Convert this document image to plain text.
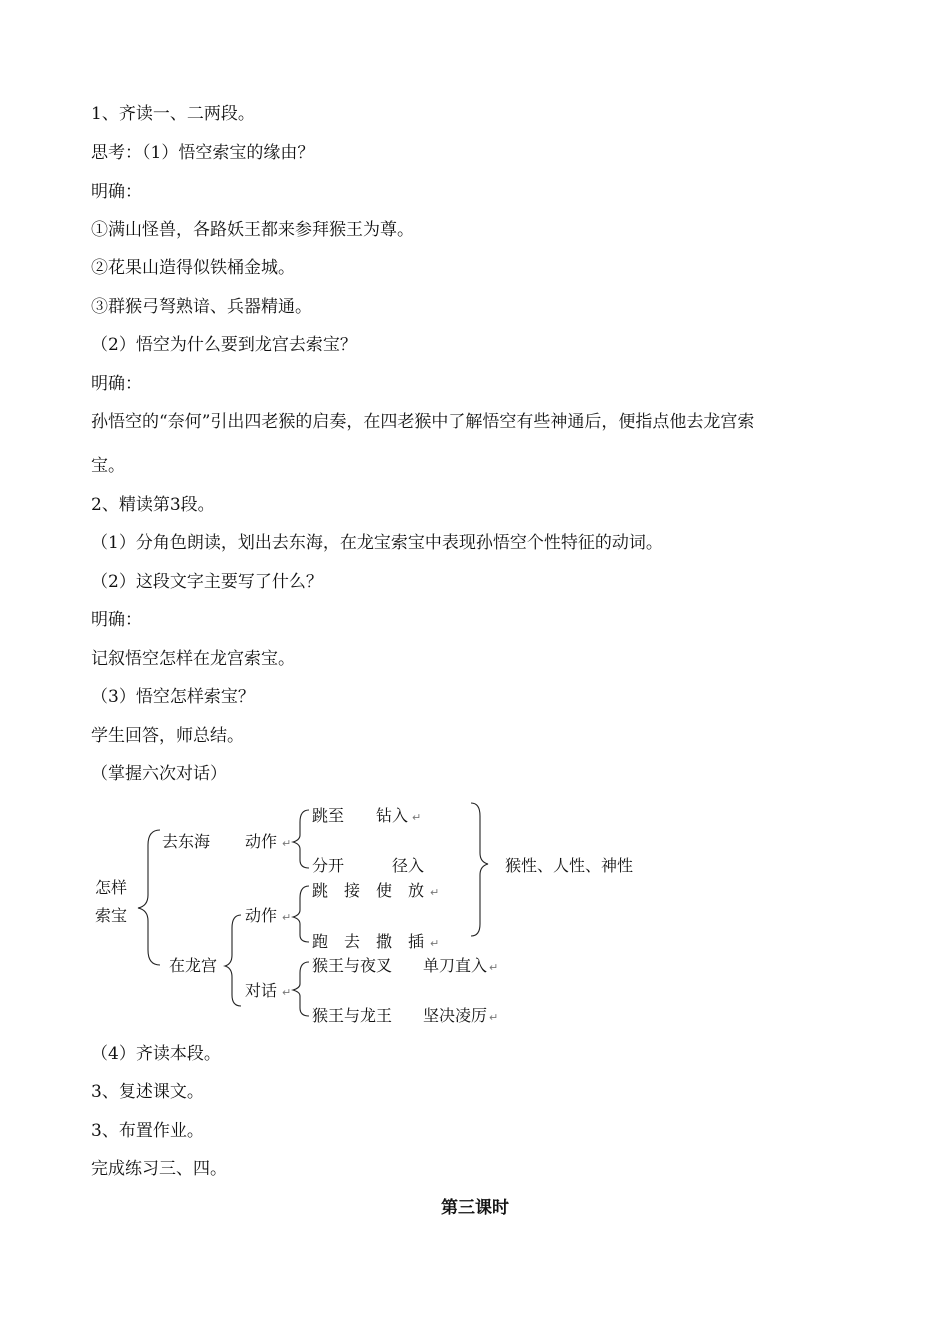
1、齐读一、二两段。
思考：（1）悟空索宝的缘由？
明确：
①满山怪兽，各路妖王都来参拜猴王为尊。
②花果山造得似铁桶金城。
③群猴弓弩熟谙、兵器精通。
（2）悟空为什么要到龙宫去索宝？
明确：
孙悟空的“奈何”引出四老猴的启奏，在四老猴中了解悟空有些神通后，便指点他去龙宫索
宝。
2、精读第3段。
（1）分角色朗读，划出去东海，在龙宝索宝中表现孙悟空个性特征的动词。
（2）这段文字主要写了什么？
明确：
记叙悟空怎样在龙宫索宝。
（3）悟空怎样索宝？
学生回答，师总结。
（掌握六次对话）
怎样
索宝
去东海
在龙宫
动作 ↵
跳至　　钻入 ↵
分开　　　径入
动作 ↵
跳　接　使　放 ↵
跑　去　撒　插 ↵
对话 ↵
猴王与夜叉 单刀直入 ↵
猴王与龙王 坚决凌厉 ↵
猴性、人性、神性
（4）齐读本段。
3、复述课文。
3、布置作业。
完成练习三、四。
第三课时
